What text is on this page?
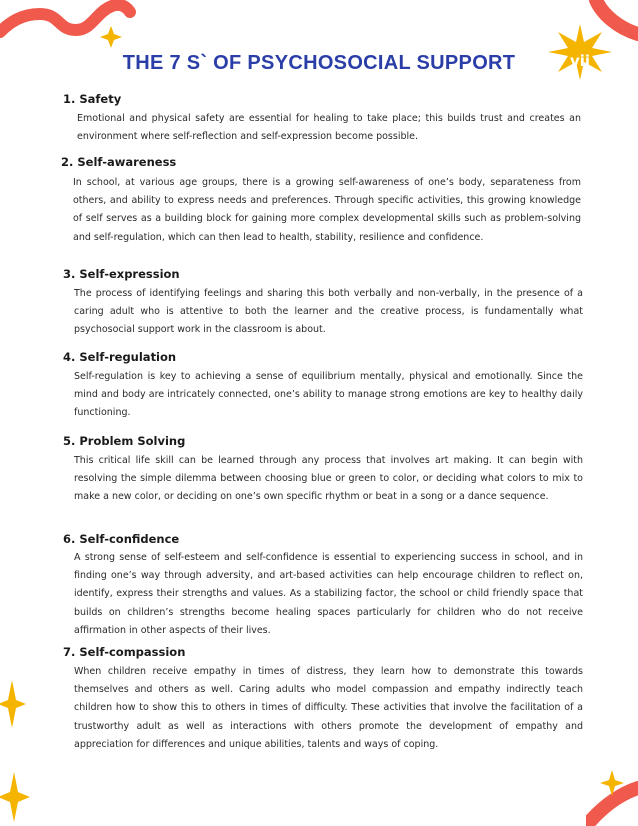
vii
THE 7 S` OF PSYCHOSOCIAL SUPPORT
1. Safety
Emotional and physical safety are essential for healing to take place; this builds trust and creates an environment where self-reflection and self-expression become possible.
2. Self-awareness
In school, at various age groups, there is a growing self-awareness of one’s body, separateness from others, and ability to express needs and preferences. Through specific activities, this growing knowledge of self serves as a building block for gaining more complex developmental skills such as problem-solving and self-regulation, which can then lead to health, stability, resilience and confidence.
3. Self-expression
The process of identifying feelings and sharing this both verbally and non-verbally, in the presence of a caring adult who is attentive to both the learner and the creative process, is fundamentally what psychosocial support work in the classroom is about.
4. Self-regulation
Self-regulation is key to achieving a sense of equilibrium mentally, physical and emotionally. Since the mind and body are intricately connected, one’s ability to manage strong emotions are key to healthy daily functioning.
5. Problem Solving
This critical life skill can be learned through any process that involves art making. It can begin with resolving the simple dilemma between choosing blue or green to color, or deciding what colors to mix to make a new color, or deciding on one’s own specific rhythm or beat in a song or a dance sequence.
6. Self-confidence
A strong sense of self-esteem and self-confidence is essential to experiencing success in school, and in finding one’s way through adversity, and art-based activities can help encourage children to reflect on, identify, express their strengths and values. As a stabilizing factor, the school or child friendly space that builds on children’s strengths become healing spaces particularly for children who do not receive affirmation in other aspects of their lives.
7. Self-compassion
When children receive empathy in times of distress, they learn how to demonstrate this towards themselves and others as well. Caring adults who model compassion and empathy indirectly teach children how to show this to others in times of difficulty. These activities that involve the facilitation of a trustworthy adult as well as interactions with others promote the development of empathy and appreciation for differences and unique abilities, talents and ways of coping.
